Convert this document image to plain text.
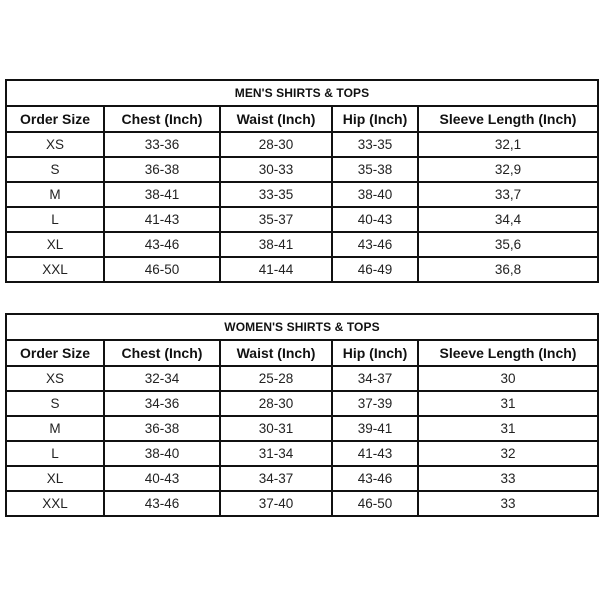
MEN'S SHIRTS & TOPS				
Order Size	Chest (Inch)	Waist (Inch)	Hip (Inch)	Sleeve Length (Inch)
XS	33-36	28-30	33-35	32,1
S	36-38	30-33	35-38	32,9
M	38-41	33-35	38-40	33,7
L	41-43	35-37	40-43	34,4
XL	43-46	38-41	43-46	35,6
XXL	46-50	41-44	46-49	36,8
WOMEN'S SHIRTS & TOPS				
Order Size	Chest (Inch)	Waist (Inch)	Hip (Inch)	Sleeve Length (Inch)
XS	32-34	25-28	34-37	30
S	34-36	28-30	37-39	31
M	36-38	30-31	39-41	31
L	38-40	31-34	41-43	32
XL	40-43	34-37	43-46	33
XXL	43-46	37-40	46-50	33
